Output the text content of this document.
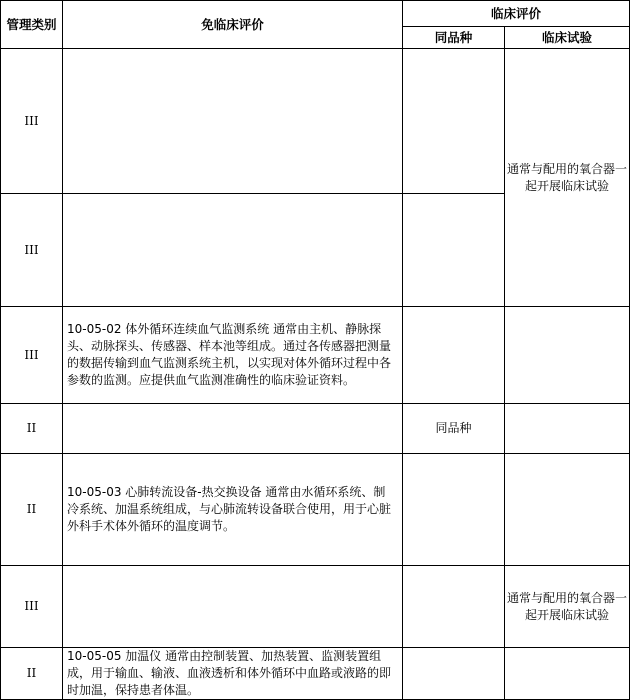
管理类别	免临床评价	临床评价	
		同品种	临床试验
III			通常与配用的氧合器一起开展临床试验
III			
III	10-05-02 体外循环连续血气监测系统 通常由主机、静脉探头、动脉探头、传感器、样本池等组成。通过各传感器把测量的数据传输到血气监测系统主机，以实现对体外循环过程中各参数的监测。应提供血气监测准确性的临床验证资料。		
II		同品种	
II	10-05-03 心肺转流设备-热交换设备 通常由水循环系统、制冷系统、加温系统组成，与心肺流转设备联合使用，用于心脏外科手术体外循环的温度调节。		
III			通常与配用的氧合器一起开展临床试验
II	10-05-05 加温仪 通常由控制装置、加热装置、监测装置组成，用于输血、输液、血液透析和体外循环中血路或液路的即时加温，保持患者体温。		
